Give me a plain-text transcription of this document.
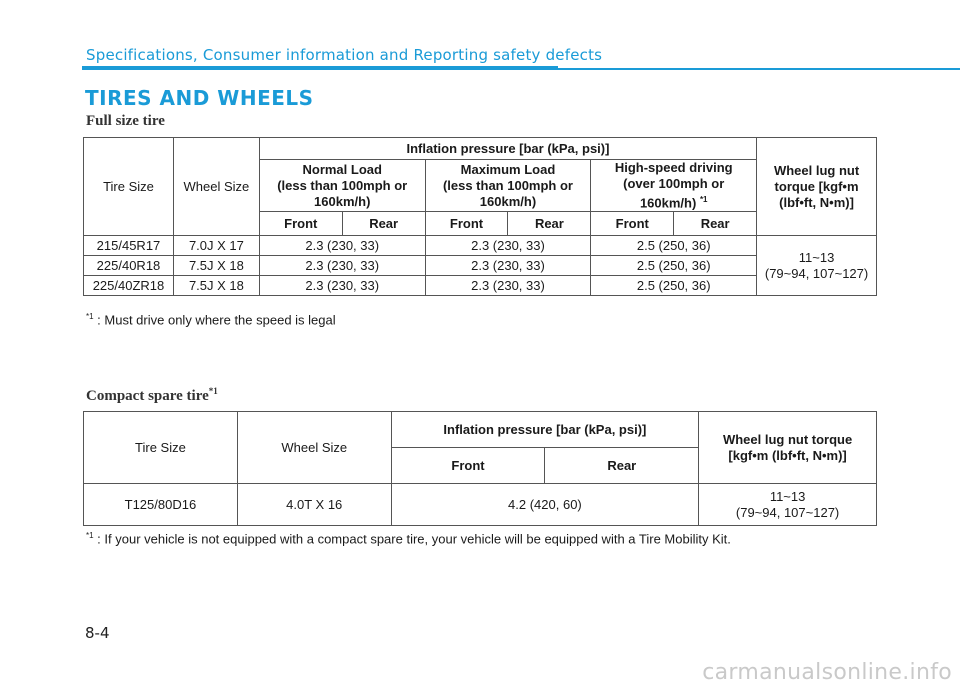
Specifications, Consumer information and Reporting safety defects
TIRES AND WHEELS
Full size tire
Tire Size	Wheel Size	Inflation pressure [bar (kPa, psi)]						Wheel lug nut
torque [kgf•m
(lbf•ft, N•m)]
		Normal Load
(less than 100mph or
160km/h)		Maximum Load
(less than 100mph or
160km/h)		High-speed driving
(over 100mph or
160km/h) $^{*1}$
		Front	Rear	Front	Rear	Front	Rear	
215/45R17	7.0J X 17	2.3 (230, 33)		2.3 (230, 33)		2.5 (250, 36)		11~13
(79~94, 107~127)
225/40R18	7.5J X 18	2.3 (230, 33)		2.3 (230, 33)		2.5 (250, 36)		
225/40ZR18	7.5J X 18	2.3 (230, 33)		2.3 (230, 33)		2.5 (250, 36)		
$^{*1}$ : Must drive only where the speed is legal
Compact spare tire$^{*1}$
Tire Size	Wheel Size	Inflation pressure [bar (kPa, psi)]		Wheel lug nut torque
[kgf•m (lbf•ft, N•m)]
		Front	Rear	
T125/80D16	4.0T X 16	4.2 (420, 60)		11~13
(79~94, 107~127)
$^{*1}$ : If your vehicle is not equipped with a compact spare tire, your vehicle will be equipped with a Tire Mobility Kit.
8-4
carmanualsonline.info
